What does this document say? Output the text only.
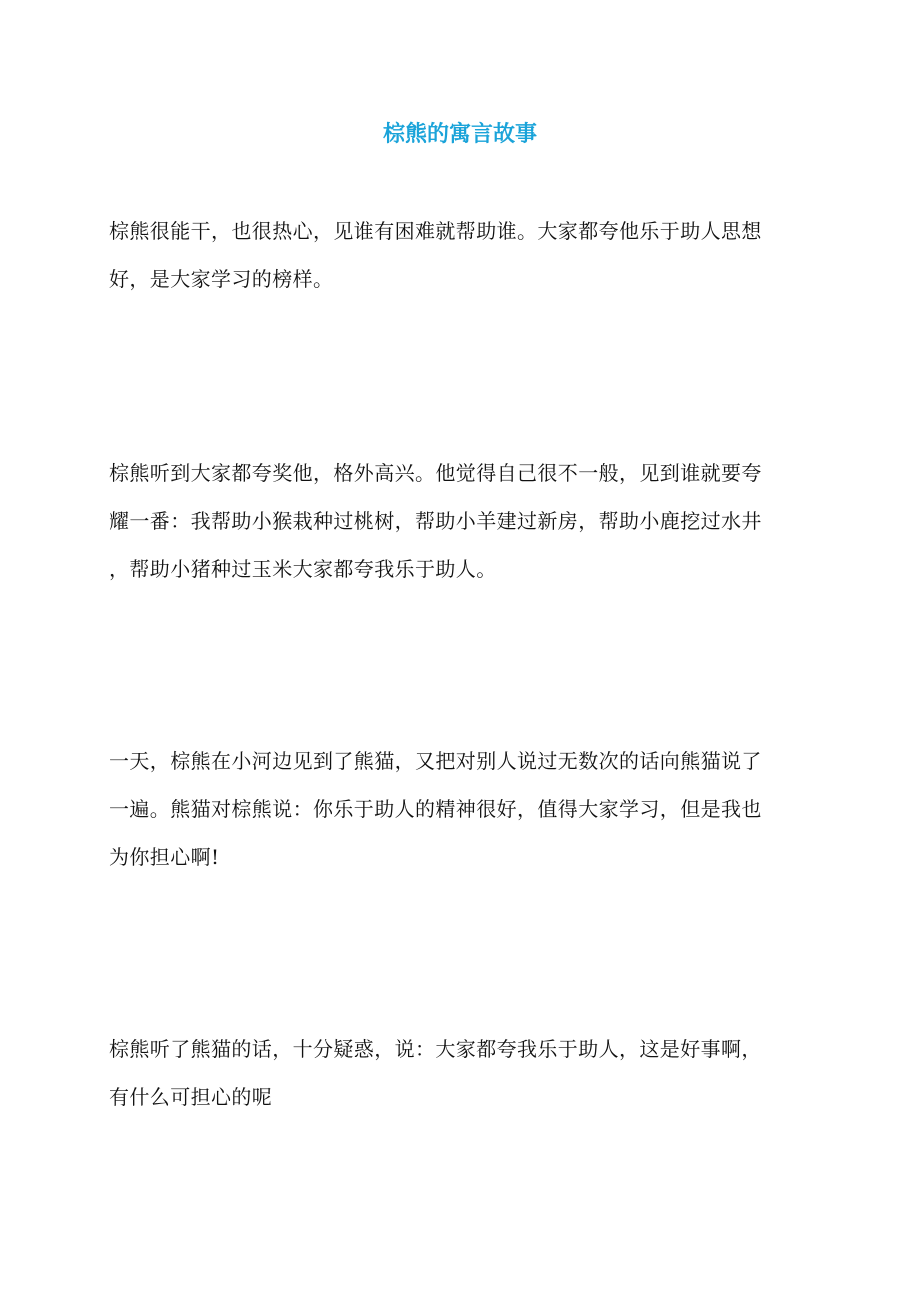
棕熊的寓言故事

棕熊很能干，也很热心，见谁有困难就帮助谁。大家都夸他乐于助人思想
好，是大家学习的榜样。

棕熊听到大家都夸奖他，格外高兴。他觉得自己很不一般，见到谁就要夸
耀一番：我帮助小猴栽种过桃树，帮助小羊建过新房，帮助小鹿挖过水井
，帮助小猪种过玉米大家都夸我乐于助人。

一天，棕熊在小河边见到了熊猫，又把对别人说过无数次的话向熊猫说了
一遍。熊猫对棕熊说：你乐于助人的精神很好，值得大家学习，但是我也
为你担心啊!

棕熊听了熊猫的话，十分疑惑，说：大家都夸我乐于助人，这是好事啊，
有什么可担心的呢
